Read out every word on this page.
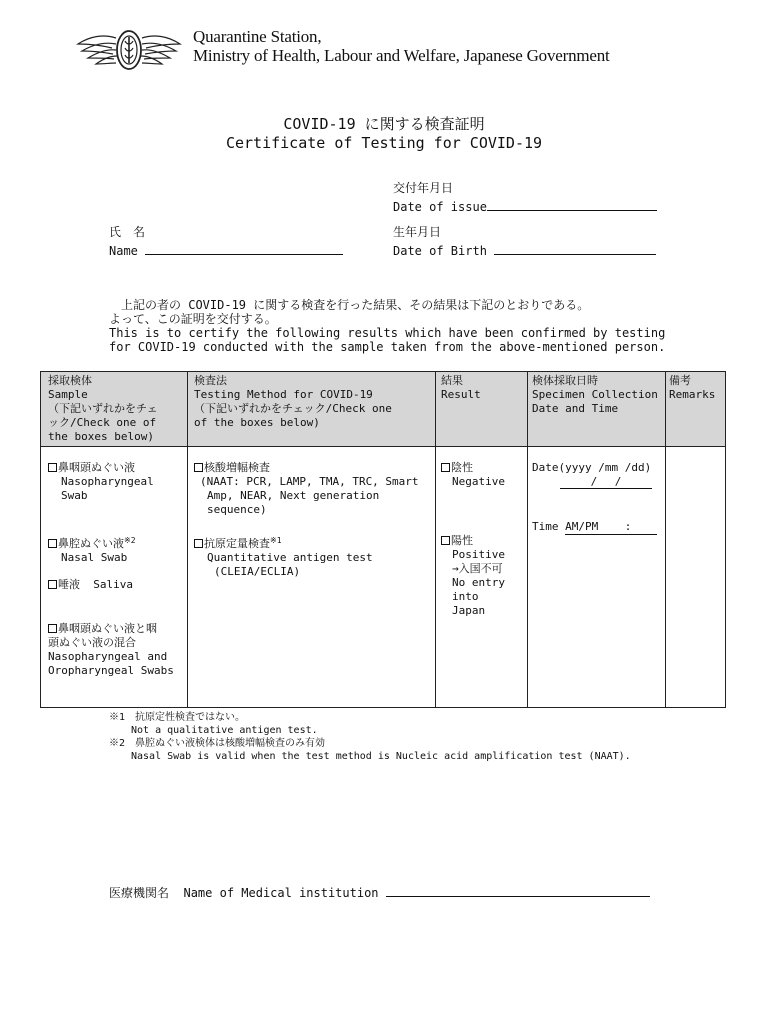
Quarantine Station,
Ministry of Health, Labour and Welfare, Japanese Government
COVID-19 に関する検査証明
Certificate of Testing for COVID-19
交付年月日
Date of issue
氏　名
Name
生年月日
Date of Birth
　上記の者の COVID-19 に関する検査を行った結果、その結果は下記のとおりである。
よって、この証明を交付する。
This is to certify the following results which have been confirmed by testing
for COVID-19 conducted with the sample taken from the above-mentioned person.
採取検体
Sample
（下記いずれかをチェ
ック/Check one of
the boxes below)
検査法
Testing Method for COVID-19
（下記いずれかをチェック/Check one
of the boxes below)
結果
Result
検体採取日時
Specimen Collection
Date and Time
備考
Remarks
鼻咽頭ぬぐい液
Nasopharyngeal
Swab
鼻腔ぬぐい液$^{※2}$
Nasal Swab
唾液 Saliva
鼻咽頭ぬぐい液と咽
頭ぬぐい液の混合
Nasopharyngeal and
Oropharyngeal Swabs
核酸増幅検査
(NAAT: PCR, LAMP, TMA, TRC, Smart
Amp, NEAR, Next generation
sequence)
抗原定量検査$^{※1}$
Quantitative antigen test
(CLEIA/ECLIA)
陰性
Negative
陽性
Positive
→入国不可
No entry
into
Japan
Date(yyyy /mm /dd)
/　 /
Time AM/PM :
※1　抗原定性検査ではない。
Not a qualitative antigen test.
※2　鼻腔ぬぐい液検体は核酸増幅検査のみ有効
Nasal Swab is valid when the test method is Nucleic acid amplification test (NAAT).
医療機関名 Name of Medical institution
